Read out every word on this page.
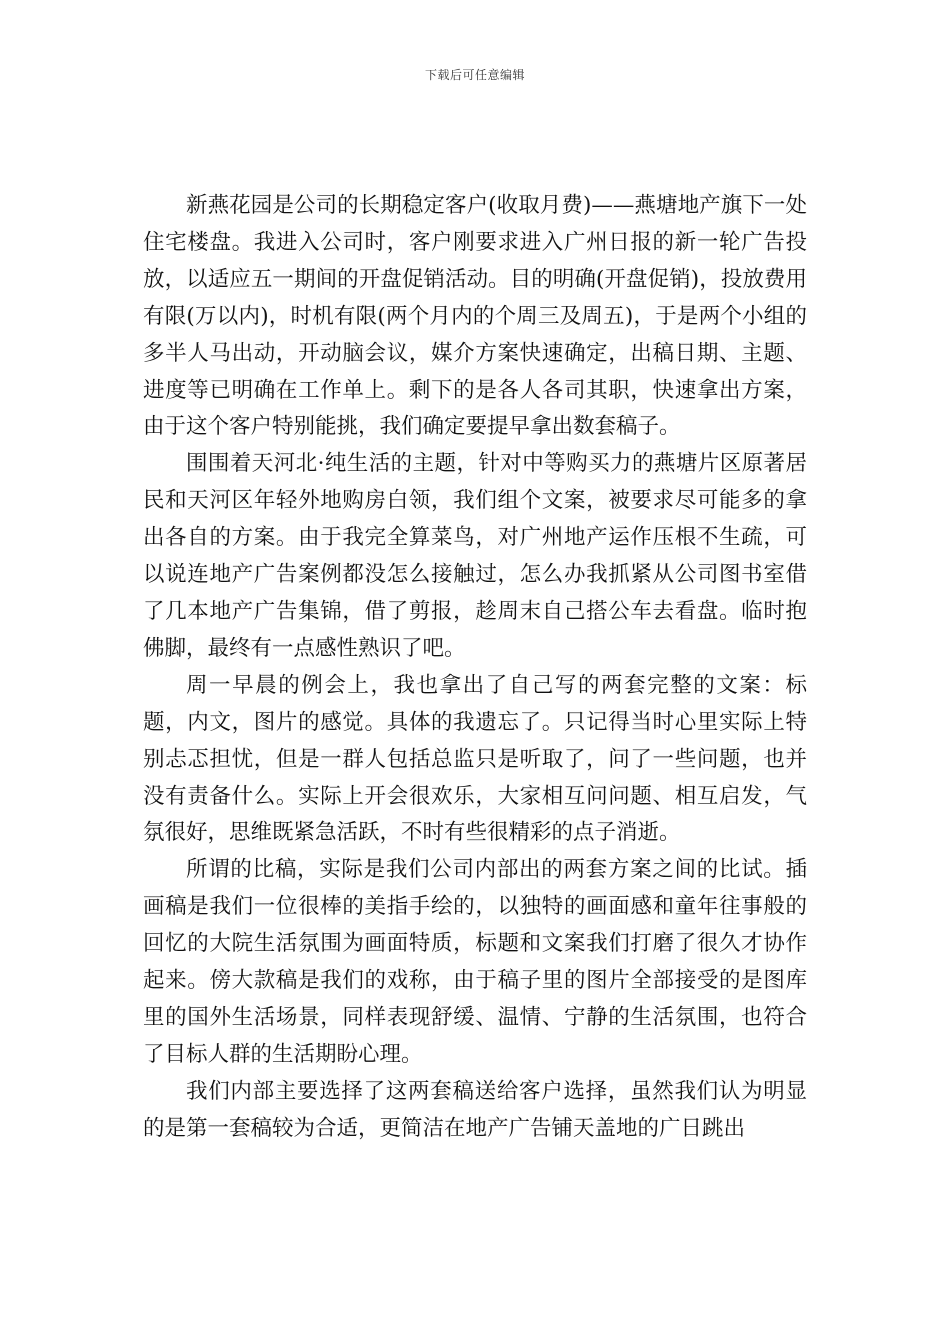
下载后可任意编辑

新燕花园是公司的长期稳定客户(收取月费)——燕塘地产旗下一处住宅楼盘。我进入公司时，客户刚要求进入广州日报的新一轮广告投放，以适应五一期间的开盘促销活动。目的明确(开盘促销)，投放费用有限(万以内)，时机有限(两个月内的个周三及周五)，于是两个小组的多半人马出动，开动脑会议，媒介方案快速确定，出稿日期、主题、进度等已明确在工作单上。剩下的是各人各司其职，快速拿出方案，由于这个客户特别能挑，我们确定要提早拿出数套稿子。

围围着天河北·纯生活的主题，针对中等购买力的燕塘片区原著居民和天河区年轻外地购房白领，我们组个文案，被要求尽可能多的拿出各自的方案。由于我完全算菜鸟，对广州地产运作压根不生疏，可以说连地产广告案例都没怎么接触过，怎么办我抓紧从公司图书室借了几本地产广告集锦，借了剪报，趁周末自己搭公车去看盘。临时抱佛脚，最终有一点感性熟识了吧。

周一早晨的例会上，我也拿出了自己写的两套完整的文案：标题，内文，图片的感觉。具体的我遗忘了。只记得当时心里实际上特别忐忑担忧，但是一群人包括总监只是听取了，问了一些问题，也并没有责备什么。实际上开会很欢乐，大家相互问问题、相互启发，气氛很好，思维既紧急活跃，不时有些很精彩的点子消逝。

所谓的比稿，实际是我们公司内部出的两套方案之间的比试。插画稿是我们一位很棒的美指手绘的，以独特的画面感和童年往事般的回忆的大院生活氛围为画面特质，标题和文案我们打磨了很久才协作起来。傍大款稿是我们的戏称，由于稿子里的图片全部接受的是图库里的国外生活场景，同样表现舒缓、温情、宁静的生活氛围，也符合了目标人群的生活期盼心理。

我们内部主要选择了这两套稿送给客户选择，虽然我们认为明显的是第一套稿较为合适，更简洁在地产广告铺天盖地的广日跳出
